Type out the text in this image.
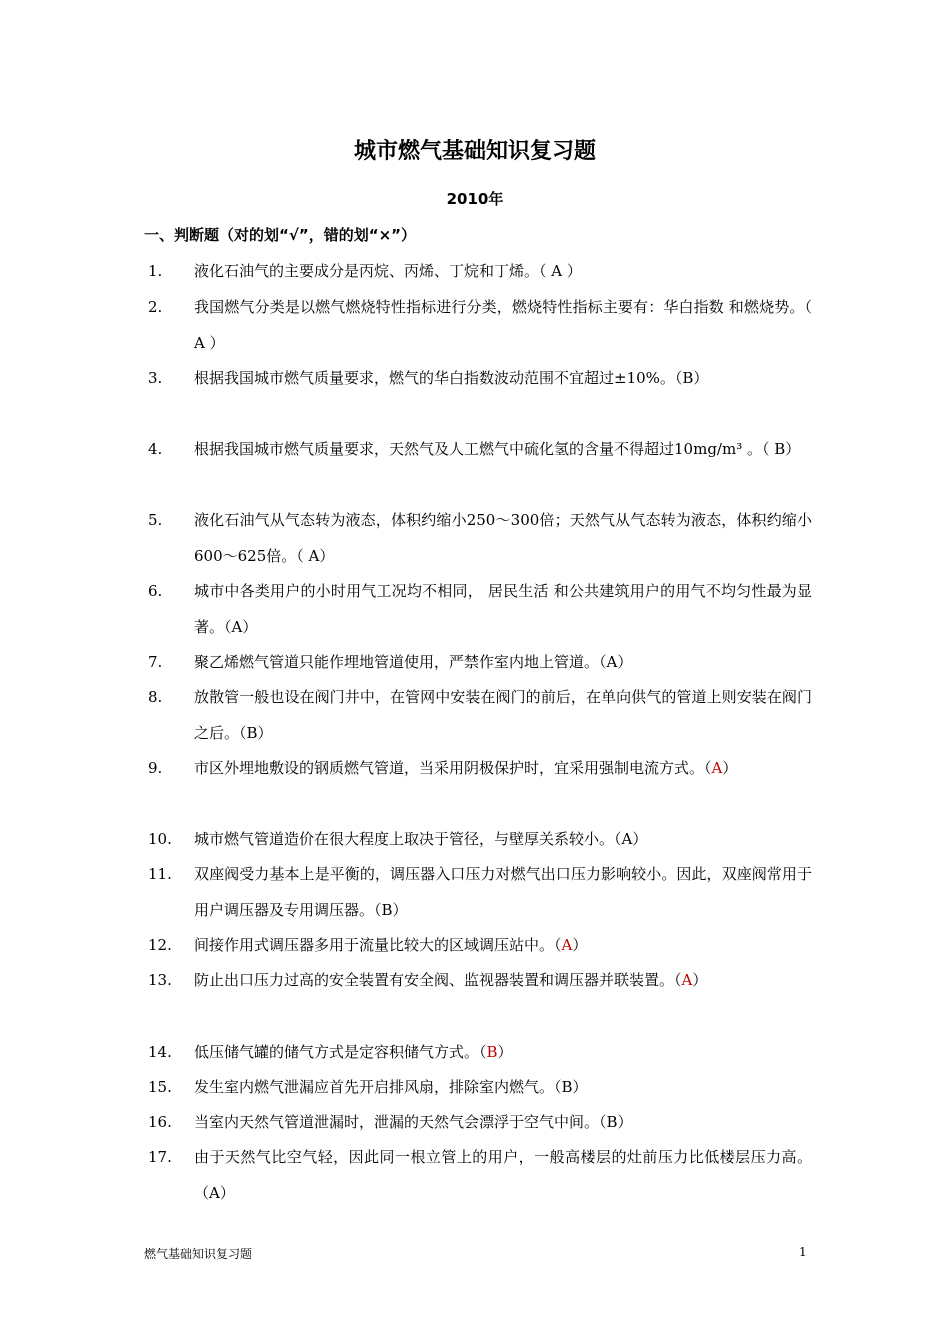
城市燃气基础知识复习题
2010年
一、判断题（对的划“√”，错的划“×”）
1.	液化石油气的主要成分是丙烷、丙烯、丁烷和丁烯。（ A ）
2.	我国燃气分类是以燃气燃烧特性指标进行分类，燃烧特性指标主要有：华白指数 和燃烧势。（ A ）
3.	根据我国城市燃气质量要求，燃气的华白指数波动范围不宜超过±10%。（B）
4.	根据我国城市燃气质量要求，天然气及人工燃气中硫化氢的含量不得超过10mg/m³ 。（ B）
5.	液化石油气从气态转为液态，体积约缩小250～300倍；天然气从气态转为液态，体积约缩小600～625倍。（ A）
6.	城市中各类用户的小时用气工况均不相同， 居民生活 和公共建筑用户的用气不均匀性最为显著。（A）
7.	聚乙烯燃气管道只能作埋地管道使用，严禁作室内地上管道。（A）
8.	放散管一般也设在阀门井中，在管网中安装在阀门的前后，在单向供气的管道上则安装在阀门之后。（B）
9.	市区外埋地敷设的钢质燃气管道，当采用阴极保护时，宜采用强制电流方式。（A）
10.	城市燃气管道造价在很大程度上取决于管径，与壁厚关系较小。（A）
11.	双座阀受力基本上是平衡的，调压器入口压力对燃气出口压力影响较小。因此，双座阀常用于用户调压器及专用调压器。（B）
12.	间接作用式调压器多用于流量比较大的区域调压站中。（A）
13.	防止出口压力过高的安全装置有安全阀、监视器装置和调压器并联装置。（A）
14.	低压储气罐的储气方式是定容积储气方式。（B）
15.	发生室内燃气泄漏应首先开启排风扇，排除室内燃气。（B）
16.	当室内天然气管道泄漏时，泄漏的天然气会漂浮于空气中间。（B）
17.	由于天然气比空气轻，因此同一根立管上的用户，一般高楼层的灶前压力比低楼层压力高。（A）
燃气基础知识复习题	1
